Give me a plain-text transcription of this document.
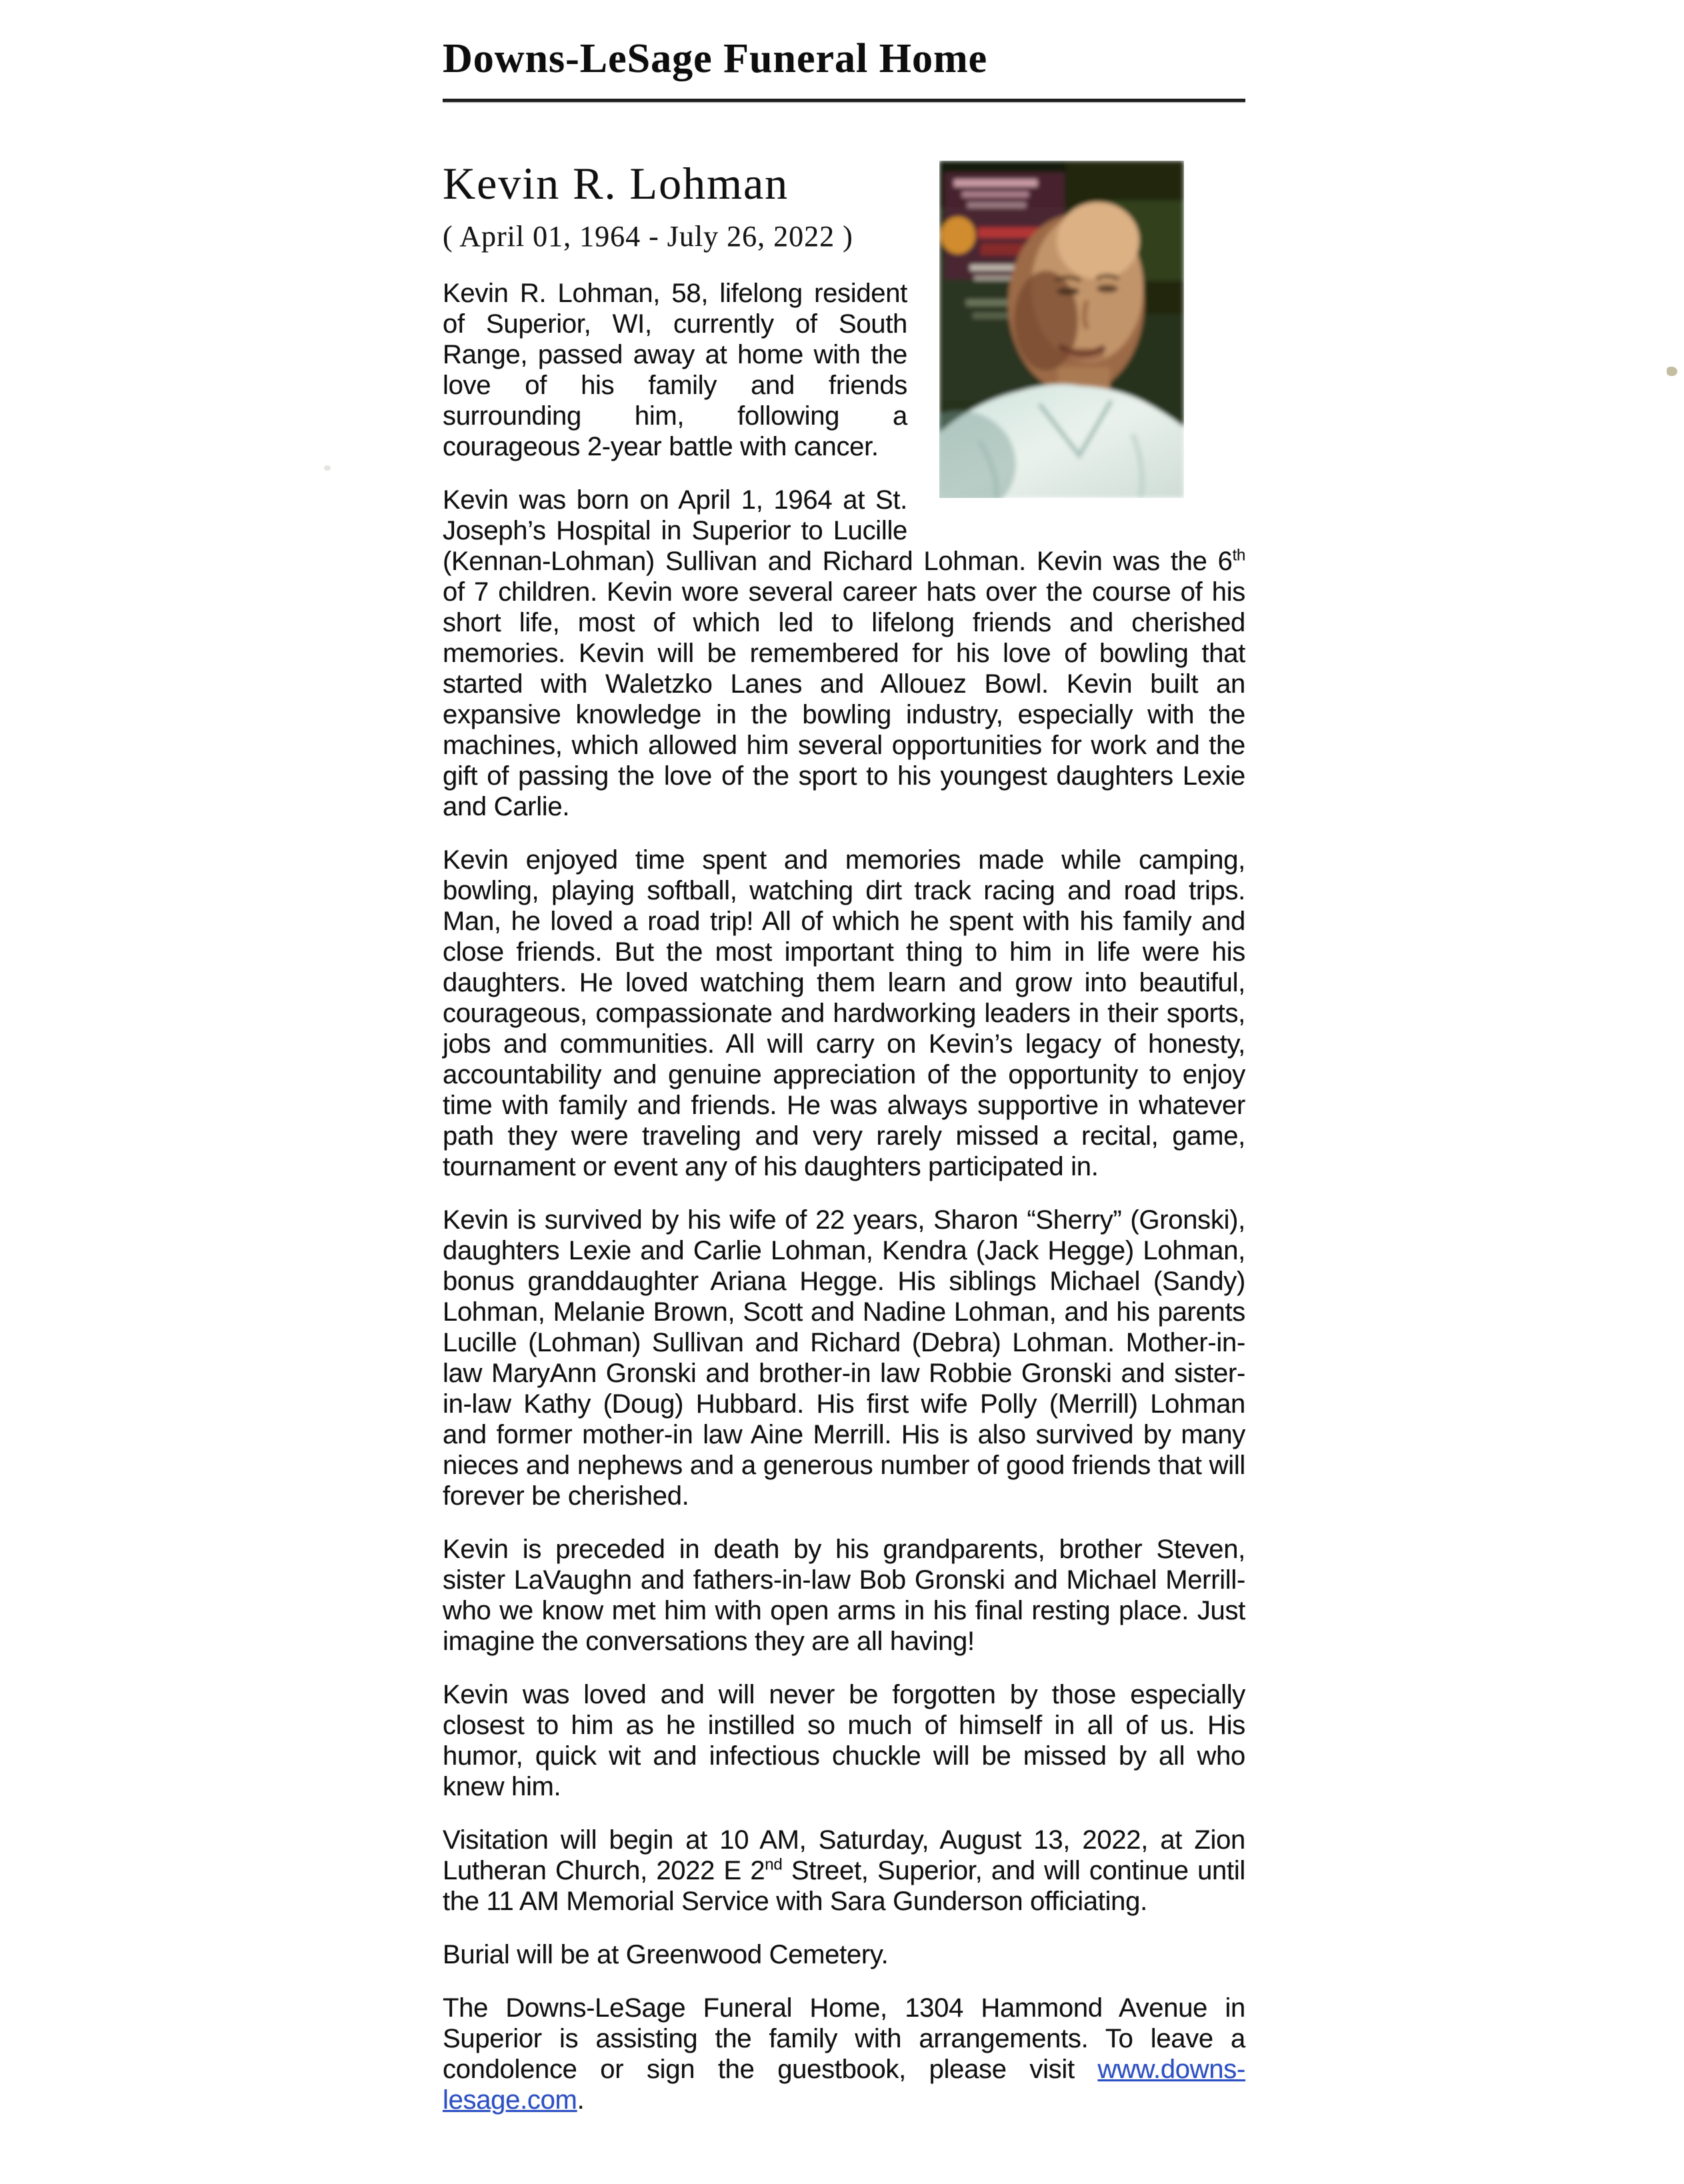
Downs-LeSage Funeral Home
Kevin R. Lohman

( April 01, 1964 - July 26, 2022 )

Kevin R. Lohman, 58, lifelong resident of Superior, WI, currently of South Range, passed away at home with the love of his family and friends surrounding him, following a courageous 2-year battle with cancer.

Kevin was born on April 1, 1964 at St. Joseph’s Hospital in Superior to Lucille (Kennan-Lohman) Sullivan and Richard Lohman. Kevin was the 6th of 7 children. Kevin wore several career hats over the course of his short life, most of which led to lifelong friends and cherished memories. Kevin will be remembered for his love of bowling that started with Waletzko Lanes and Allouez Bowl. Kevin built an expansive knowledge in the bowling industry, especially with the machines, which allowed him several opportunities for work and the gift of passing the love of the sport to his youngest daughters Lexie and Carlie.

Kevin enjoyed time spent and memories made while camping, bowling, playing softball, watching dirt track racing and road trips. Man, he loved a road trip! All of which he spent with his family and close friends. But the most important thing to him in life were his daughters. He loved watching them learn and grow into beautiful, courageous, compassionate and hardworking leaders in their sports, jobs and communities. All will carry on Kevin’s legacy of honesty, accountability and genuine appreciation of the opportunity to enjoy time with family and friends. He was always supportive in whatever path they were traveling and very rarely missed a recital, game, tournament or event any of his daughters participated in.

Kevin is survived by his wife of 22 years, Sharon “Sherry” (Gronski), daughters Lexie and Carlie Lohman, Kendra (Jack Hegge) Lohman, bonus granddaughter Ariana Hegge. His siblings Michael (Sandy) Lohman, Melanie Brown, Scott and Nadine Lohman, and his parents Lucille (Lohman) Sullivan and Richard (Debra) Lohman. Mother-in-law MaryAnn Gronski and brother-in law Robbie Gronski and sister-in-law Kathy (Doug) Hubbard. His first wife Polly (Merrill) Lohman and former mother-in law Aine Merrill. His is also survived by many nieces and nephews and a generous number of good friends that will forever be cherished.

Kevin is preceded in death by his grandparents, brother Steven, sister LaVaughn and fathers-in-law Bob Gronski and Michael Merrill-who we know met him with open arms in his final resting place. Just imagine the conversations they are all having!

Kevin was loved and will never be forgotten by those especially closest to him as he instilled so much of himself in all of us. His humor, quick wit and infectious chuckle will be missed by all who knew him.

Visitation will begin at 10 AM, Saturday, August 13, 2022, at Zion Lutheran Church, 2022 E 2nd Street, Superior, and will continue until the 11 AM Memorial Service with Sara Gunderson officiating.

Burial will be at Greenwood Cemetery.

The Downs-LeSage Funeral Home, 1304 Hammond Avenue in Superior is assisting the family with arrangements. To leave a condolence or sign the guestbook, please visit www.downs-lesage.com.
